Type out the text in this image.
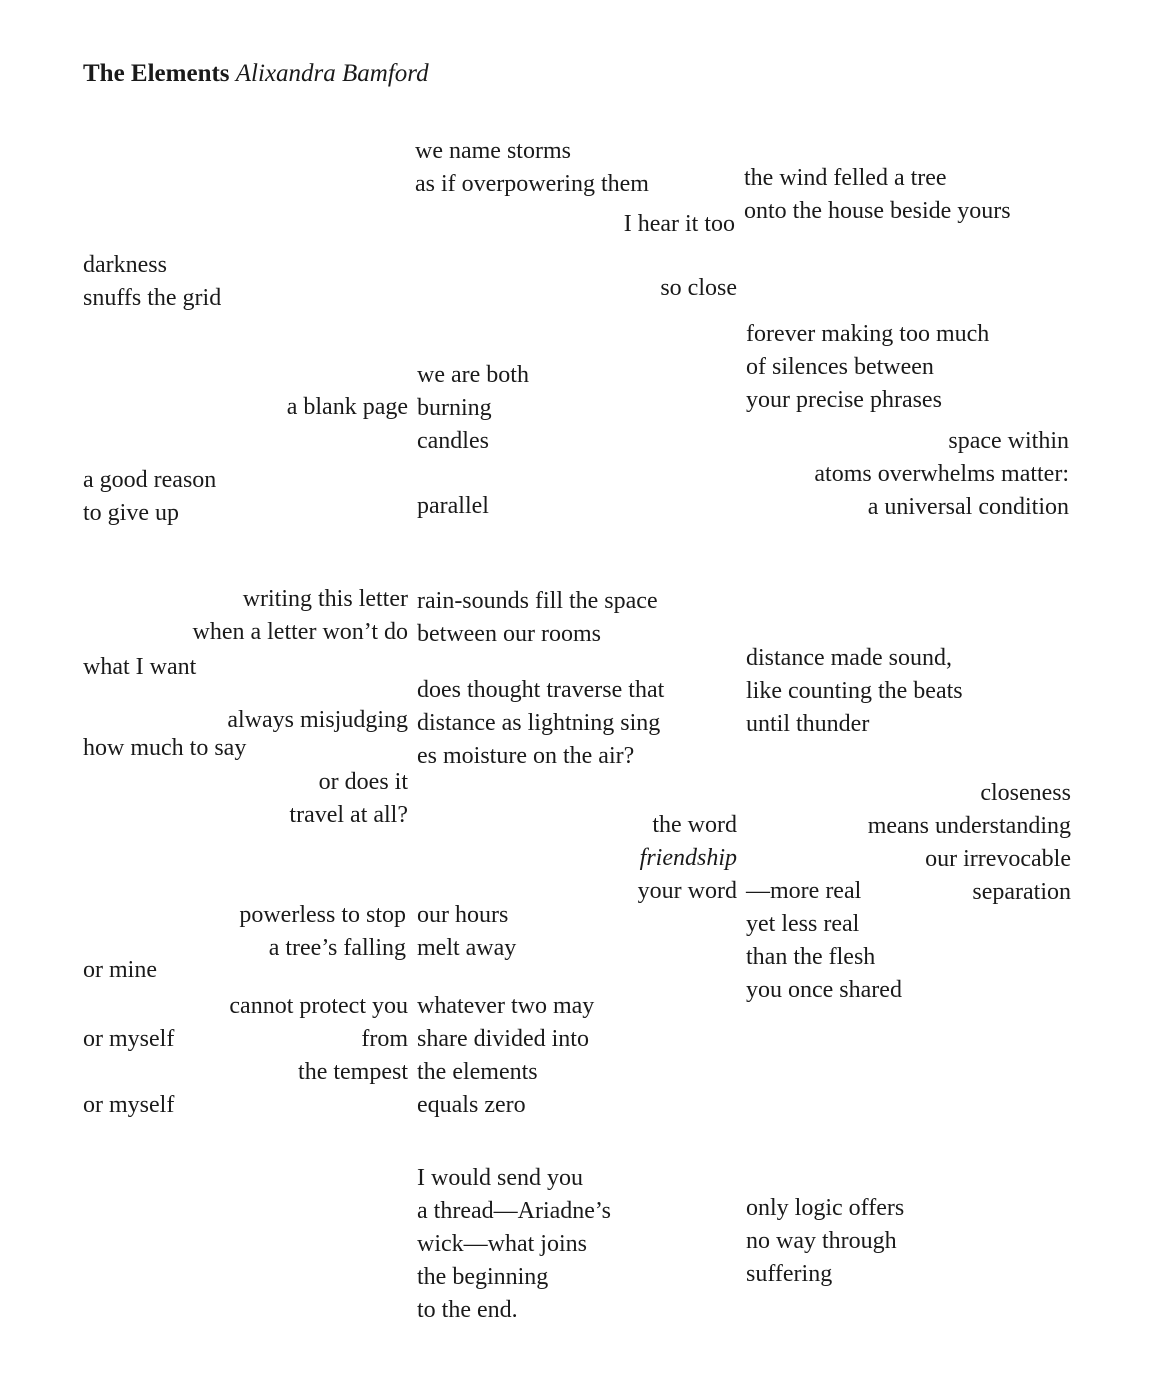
The Elements Alixandra Bamford
we name storms
as if overpowering them
I hear it too
the wind felled a tree
onto the house beside yours
darkness
snuffs the grid	so close
forever making too much
of silences between
your precise phrases
we are both
burning
candles
a blank page
space within
atoms overwhelms matter:
a universal condition
a good reason
to give up	parallel
writing this letter
when a letter won’t do
rain-sounds fill the space
between our rooms
what I want	distance made sound,
like counting the beats
until thunder
does thought traverse that
distance as lightning sing
es moisture on the air?
always misjudging
how much to say
or does it
travel at all?
closeness
means understanding
our irrevocable
separation
the word
friendship
your word —more real
yet less real
than the flesh
you once shared
powerless to stop
a tree’s falling
our hours
melt away
or mine
cannot protect you
from
the tempest
or myself
or myself
whatever two may
share divided into
the elements
equals zero
I would send you
a thread—Ariadne’s
wick—what joins
the beginning
to the end.
only logic offers
no way through
suffering
